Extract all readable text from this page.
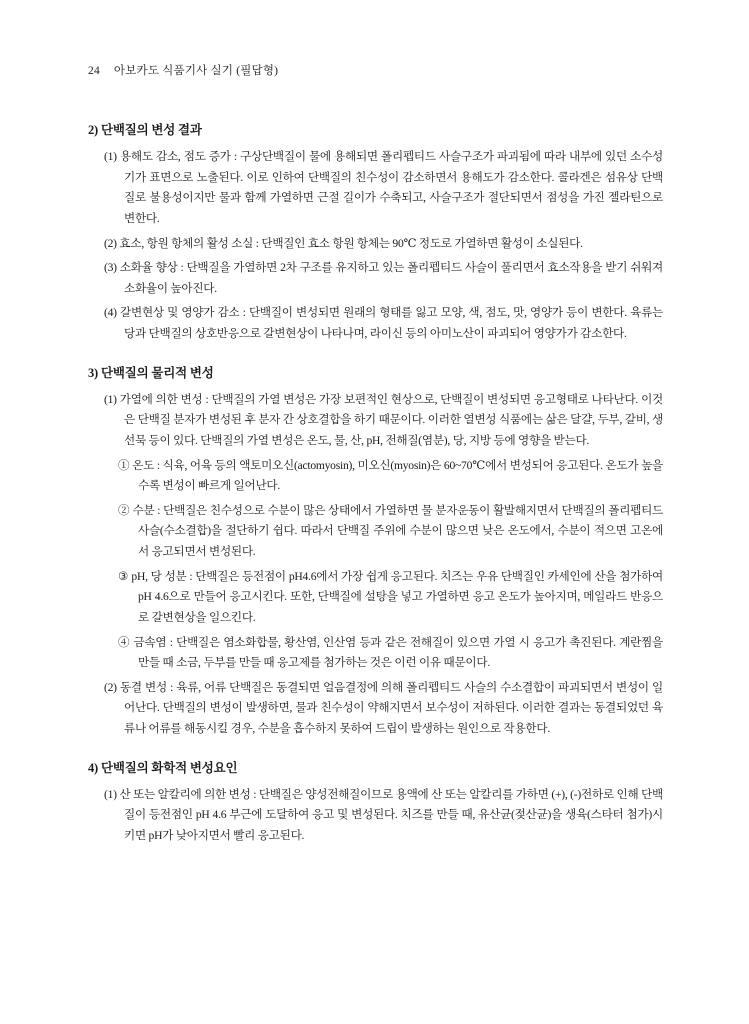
24 아보카도 식품기사 실기 (필답형)
2) 단백질의 변성 결과

(1) 용해도 감소, 점도 증가 : 구상단백질이 물에 용해되면 폴리펩티드 사슬구조가 파괴됨에 따라 내부에 있던 소수성기가 표면으로 노출된다. 이로 인하여 단백질의 친수성이 감소하면서 용해도가 감소한다. 콜라겐은 섬유상 단백질로 불용성이지만 물과 함께 가열하면 근절 길이가 수축되고, 사슬구조가 절단되면서 점성을 가진 젤라틴으로 변한다.

(2) 효소, 항원 항체의 활성 소실 : 단백질인 효소 항원 항체는 90℃ 정도로 가열하면 활성이 소실된다.

(3) 소화율 향상 : 단백질을 가열하면 2차 구조를 유지하고 있는 폴리펩티드 사슬이 풀리면서 효소작용을 받기 쉬워져 소화율이 높아진다.

(4) 갈변현상 및 영양가 감소 : 단백질이 변성되면 원래의 형태를 잃고 모양, 색, 점도, 맛, 영양가 등이 변한다. 육류는 당과 단백질의 상호반응으로 갈변현상이 나타나며, 라이신 등의 아미노산이 파괴되어 영양가가 감소한다.

3) 단백질의 물리적 변성

(1) 가열에 의한 변성 : 단백질의 가열 변성은 가장 보편적인 현상으로, 단백질이 변성되면 응고형태로 나타난다. 이것은 단백질 분자가 변성된 후 분자 간 상호결합을 하기 때문이다. 이러한 열변성 식품에는 삶은 달걀, 두부, 갈비, 생선묵 등이 있다. 단백질의 가열 변성은 온도, 물, 산, pH, 전해질(염분), 당, 지방 등에 영향을 받는다.

① 온도 : 식육, 어육 등의 액토미오신(actomyosin), 미오신(myosin)은 60~70℃에서 변성되어 응고된다. 온도가 높을수록 변성이 빠르게 일어난다.

② 수분 : 단백질은 친수성으로 수분이 많은 상태에서 가열하면 물 분자운동이 활발해지면서 단백질의 폴리펩티드 사슬(수소결합)을 절단하기 쉽다. 따라서 단백질 주위에 수분이 많으면 낮은 온도에서, 수분이 적으면 고온에서 응고되면서 변성된다.

③ pH, 당 성분 : 단백질은 등전점이 pH4.6에서 가장 쉽게 응고된다. 치즈는 우유 단백질인 카세인에 산을 첨가하여 pH 4.6으로 만들어 응고시킨다. 또한, 단백질에 설탕을 넣고 가열하면 응고 온도가 높아지며, 메일라드 반응으로 갈변현상을 일으킨다.

④ 금속염 : 단백질은 염소화합물, 황산염, 인산염 등과 같은 전해질이 있으면 가열 시 응고가 촉진된다. 계란찜을 만들 때 소금, 두부를 만들 때 응고제를 첨가하는 것은 이런 이유 때문이다.

(2) 동결 변성 : 육류, 어류 단백질은 동결되면 얼음결정에 의해 폴리펩티드 사슬의 수소결합이 파괴되면서 변성이 일어난다. 단백질의 변성이 발생하면, 물과 친수성이 약해지면서 보수성이 저하된다. 이러한 결과는 동결되었던 육류나 어류를 해동시킬 경우, 수분을 흡수하지 못하여 드립이 발생하는 원인으로 작용한다.

4) 단백질의 화학적 변성요인

(1) 산 또는 알칼리에 의한 변성 : 단백질은 양성전해질이므로 용액에 산 또는 알칼리를 가하면 (+), (-)전하로 인해 단백질이 등전점인 pH 4.6 부근에 도달하여 응고 및 변성된다. 치즈를 만들 때, 유산균(젖산균)을 생육(스타터 첨가)시키면 pH가 낮아지면서 빨리 응고된다.
